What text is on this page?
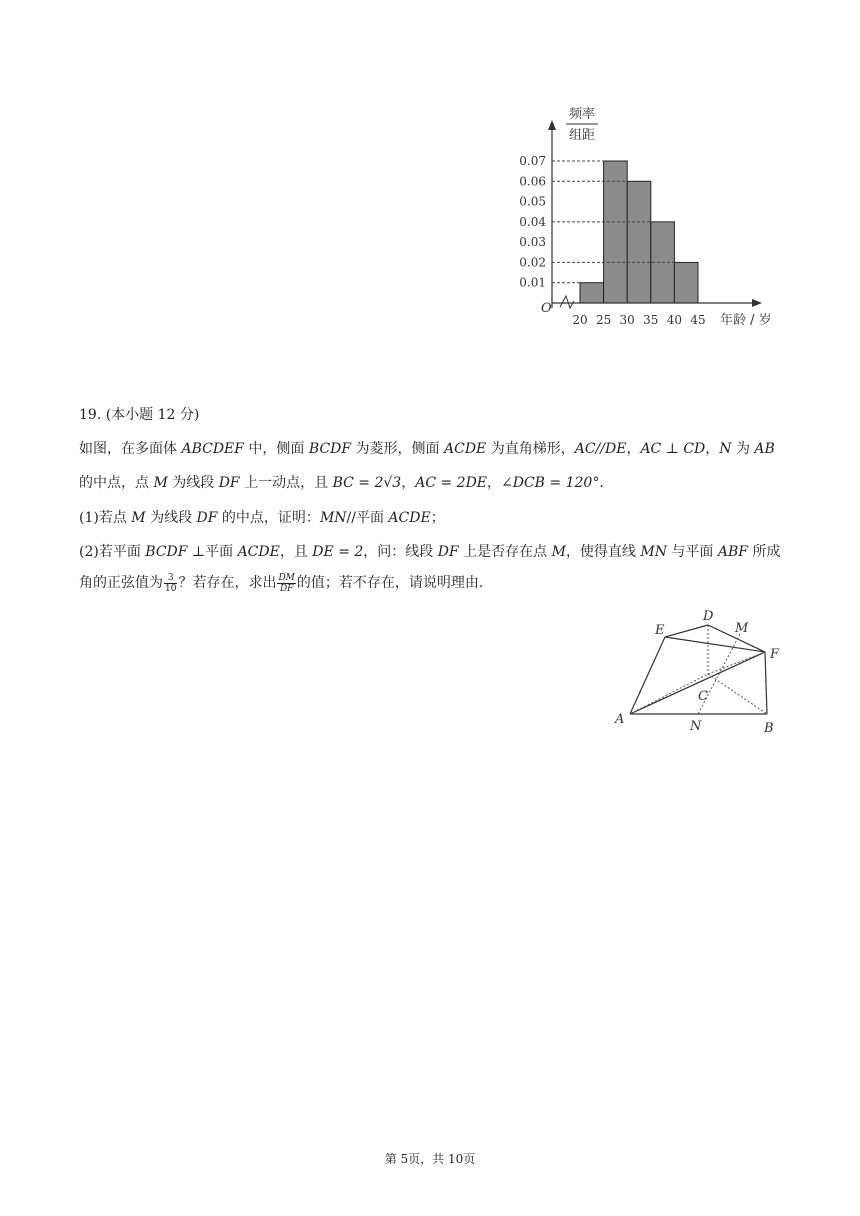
频率
组距
0.01
0.02
0.03
0.04
0.05
0.06
0.07
20 25 30 35 40 45
O
年龄 / 岁
19. (本小题 12 分)
如图，在多面体 ABCDEF 中，侧面 BCDF 为菱形，侧面 ACDE 为直角梯形，AC//DE，AC ⊥ CD，N 为 AB
的中点，点 M 为线段 DF 上一动点，且 BC = 2√3，AC = 2DE，∠DCB = 120°.
(1)若点 M 为线段 DF 的中点，证明：MN//平面 ACDE；
(2)若平面 BCDF ⊥平面 ACDE，且 DE = 2，问：线段 DF 上是否存在点 M，使得直线 MN 与平面 ABF 所成
角的正弦值为 $\frac{3}{10}$ ？若存在，求出 $\frac{DM}{DF}$ 的值；若不存在，请说明理由.
E
D
M
F
C
A	N	B
第 5页，共 10页
